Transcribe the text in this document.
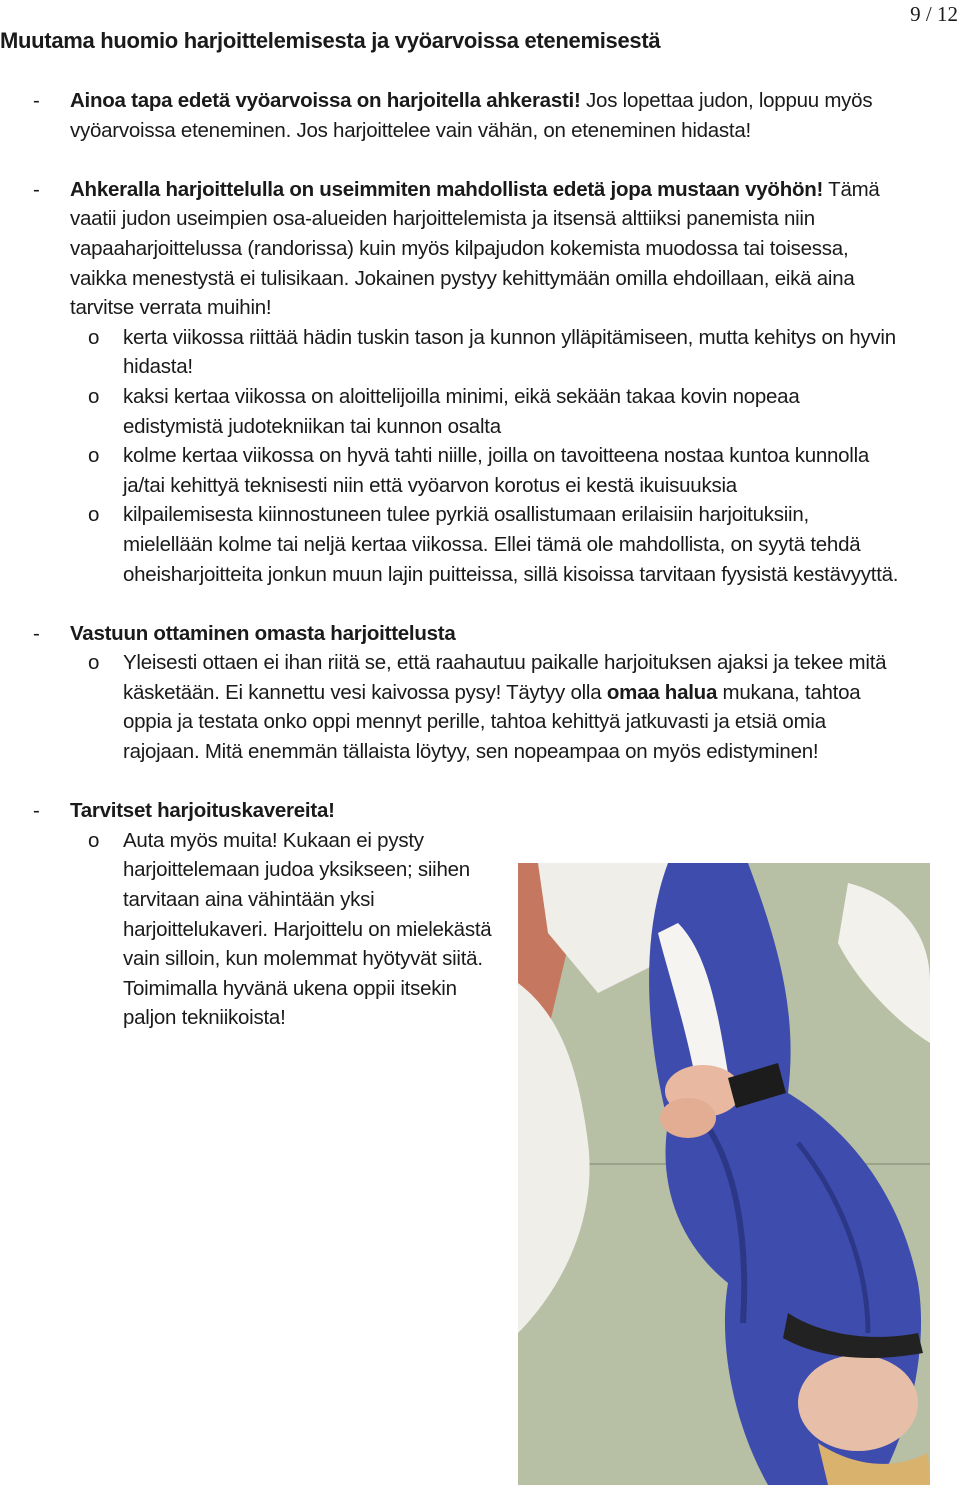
9 / 12
Muutama huomio harjoittelemisesta ja vyöarvoissa etenemisestä
- Ainoa tapa edetä vyöarvoissa on harjoitella ahkerasti! Jos lopettaa judon, loppuu myös vyöarvoissa eteneminen. Jos harjoittelee vain vähän, on eteneminen hidasta!
- Ahkeralla harjoittelulla on useimmiten mahdollista edetä jopa mustaan vyöhön! Tämä vaatii judon useimpien osa-alueiden harjoittelemista ja itsensä alttiiksi panemista niin vapaaharjoittelussa (randorissa) kuin myös kilpajudon kokemista muodossa tai toisessa, vaikka menestystä ei tulisikaan. Jokainen pystyy kehittymään omilla ehdoillaan, eikä aina tarvitse verrata muihin!
o kerta viikossa riittää hädin tuskin tason ja kunnon ylläpitämiseen, mutta kehitys on hyvin hidasta!
o kaksi kertaa viikossa on aloittelijoilla minimi, eikä sekään takaa kovin nopeaa edistymistä judotekniikan tai kunnon osalta
o kolme kertaa viikossa on hyvä tahti niille, joilla on tavoitteena nostaa kuntoa kunnolla ja/tai kehittyä teknisesti niin että vyöarvon korotus ei kestä ikuisuuksia
o kilpailemisesta kiinnostuneen tulee pyrkiä osallistumaan erilaisiin harjoituksiin, mielellään kolme tai neljä kertaa viikossa. Ellei tämä ole mahdollista, on syytä tehdä oheisharjoitteita jonkun muun lajin puitteissa, sillä kisoissa tarvitaan fyysistä kestävyyttä.
- Vastuun ottaminen omasta harjoittelusta
o Yleisesti ottaen ei ihan riitä se, että raahautuu paikalle harjoituksen ajaksi ja tekee mitä käsketään. Ei kannettu vesi kaivossa pysy! Täytyy olla omaa halua mukana, tahtoa oppia ja testata onko oppi mennyt perille, tahtoa kehittyä jatkuvasti ja etsiä omia rajojaan. Mitä enemmän tällaista löytyy, sen nopeampaa on myös edistyminen!
- Tarvitset harjoituskavereita!
o Auta myös muita! Kukaan ei pysty harjoittelemaan judoa yksikseen; siihen tarvitaan aina vähintään yksi harjoittelukaveri. Harjoittelu on mielekästä vain silloin, kun molemmat hyötyvät siitä. Toimimalla hyvänä ukena oppii itsekin paljon tekniikoista!
